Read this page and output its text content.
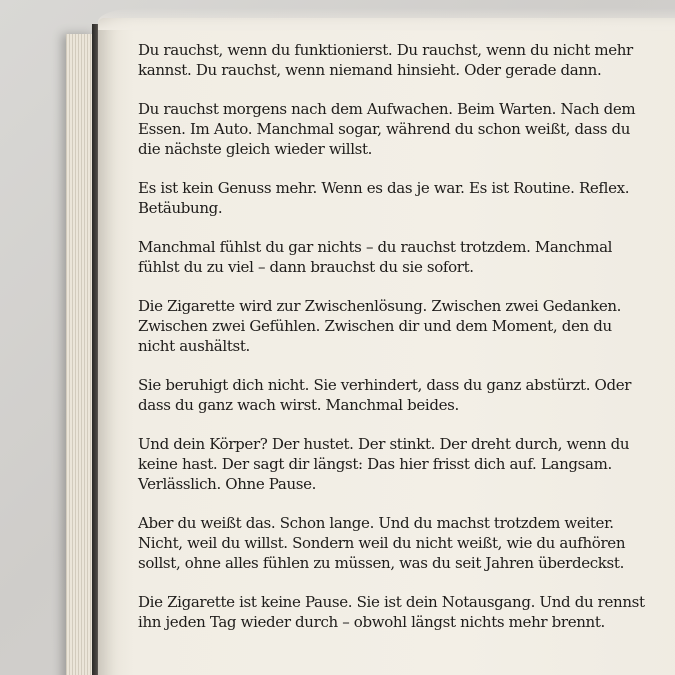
Du rauchst, wenn du funktionierst. Du rauchst, wenn du nicht mehr kannst. Du rauchst, wenn niemand hinsieht. Oder gerade dann.

Du rauchst morgens nach dem Aufwachen. Beim Warten. Nach dem Essen. Im Auto. Manchmal sogar, während du schon weißt, dass du die nächste gleich wieder willst.

Es ist kein Genuss mehr. Wenn es das je war. Es ist Routine. Reflex. Betäubung.

Manchmal fühlst du gar nichts – du rauchst trotzdem. Manchmal fühlst du zu viel – dann brauchst du sie sofort.

Die Zigarette wird zur Zwischenlösung. Zwischen zwei Gedanken. Zwischen zwei Gefühlen. Zwischen dir und dem Moment, den du nicht aushältst.

Sie beruhigt dich nicht. Sie verhindert, dass du ganz abstürzt. Oder dass du ganz wach wirst. Manchmal beides.

Und dein Körper? Der hustet. Der stinkt. Der dreht durch, wenn du keine hast. Der sagt dir längst: Das hier frisst dich auf. Langsam. Verlässlich. Ohne Pause.

Aber du weißt das. Schon lange. Und du machst trotzdem weiter. Nicht, weil du willst. Sondern weil du nicht weißt, wie du aufhören sollst, ohne alles fühlen zu müssen, was du seit Jahren überdeckst.

Die Zigarette ist keine Pause. Sie ist dein Notausgang. Und du rennst ihn jeden Tag wieder durch – obwohl längst nichts mehr brennt.
